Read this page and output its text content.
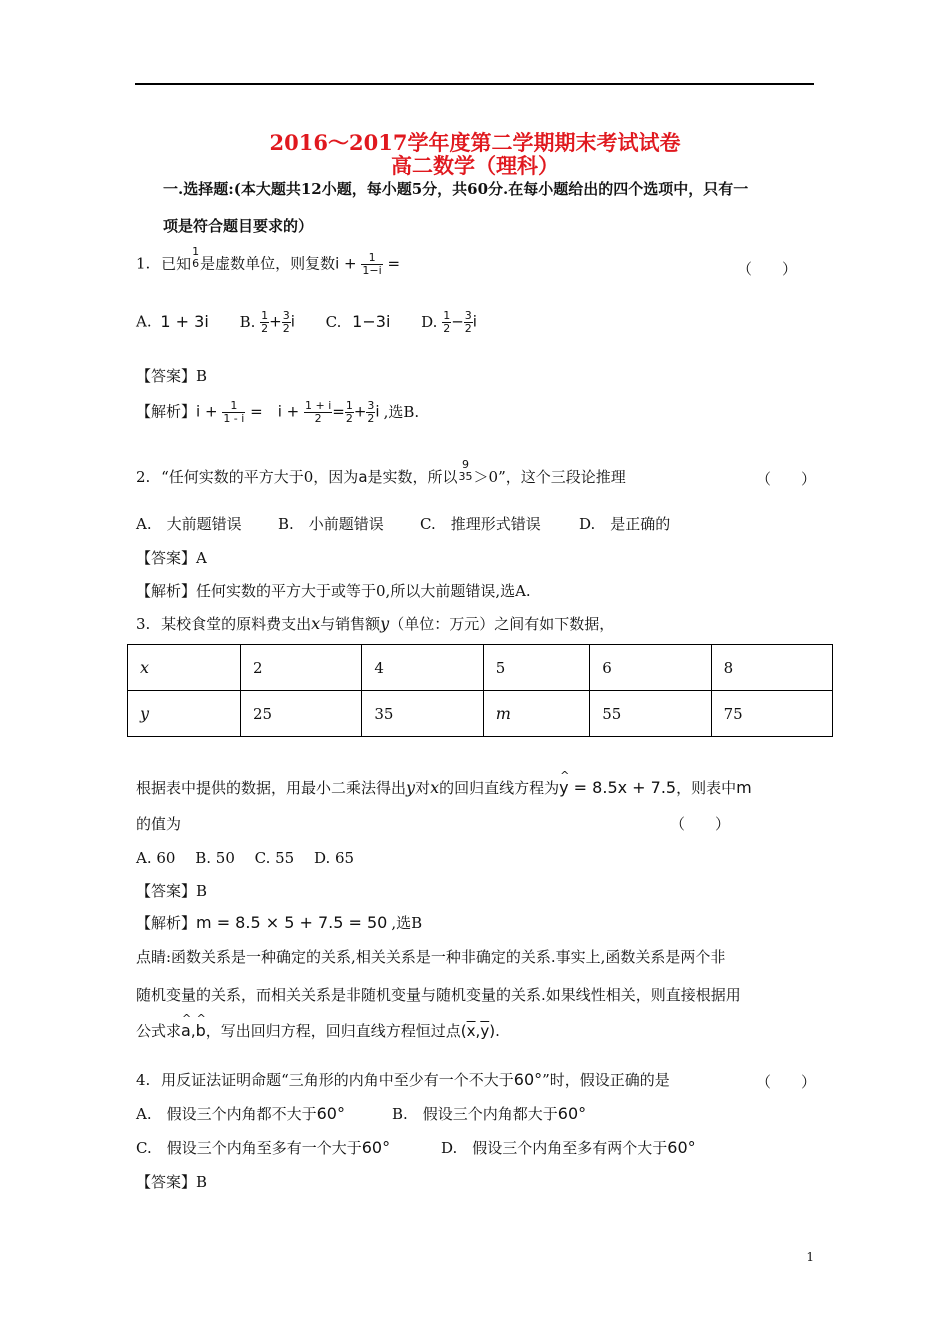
2016～2017学年度第二学期期末考试试卷
高二数学（理科）
一.选择题:(本大题共12小题，每小题5分，共60分.在每小题给出的四个选项中，只有一
项是符合题目要求的）
1. 已知
1
6 是虚数单位，则复数$i + \frac{1}{1-i}$ =	（　　）
A. 1 + 3i B. $\frac{1}{2} + \frac{3}{2}$ i C. 1−3i D. $\frac{1}{2} - \frac{3}{2}$ i
【答案】B
【解析】$i + \frac{1}{1 - i}$ =　$i + \frac{1 + i}{2} = \frac{1}{2} + \frac{3}{2}$ i ,选B.
2. “任何实数的平方大于0，因为a是实数，所以
9
35 ＞0”，这个三段论推理	（　　）
A.　大前题错误 B.　小前题错误 C.　推理形式错误	D.　是正确的
【答案】A
【解析】任何实数的平方大于或等于0,所以大前题错误,选A.
3. 某校食堂的原料费支出x与销售额y（单位：万元）之间有如下数据，
x	2	4	5	6	8
y	25	35	m	55	75
根据表中提供的数据，用最小二乘法得出y对x的回归直线方程为^ y = 8.5x + 7.5，则表中m
的值为	（　　）
A. 60　 B. 50　 C. 55　 D. 65
【答案】B
【解析】m = 8.5 × 5 + 7.5 = 50 ,选B
点睛:函数关系是一种确定的关系,相关关系是一种非确定的关系.事实上,函数关系是两个非
随机变量的关系，而相关关系是非随机变量与随机变量的关系.如果线性相关，则直接根据用
公式求^ a,^ b，写出回归方程，回归直线方程恒过点$(\overline{x},\overline{y})$.
4. 用反证法证明命题“三角形的内角中至少有一个不大于60°”时，假设正确的是	（　　）
A.　假设三个内角都不大于60°	B.　假设三个内角都大于60°
C.　假设三个内角至多有一个大于60°	D.　假设三个内角至多有两个大于60°
【答案】B
1
